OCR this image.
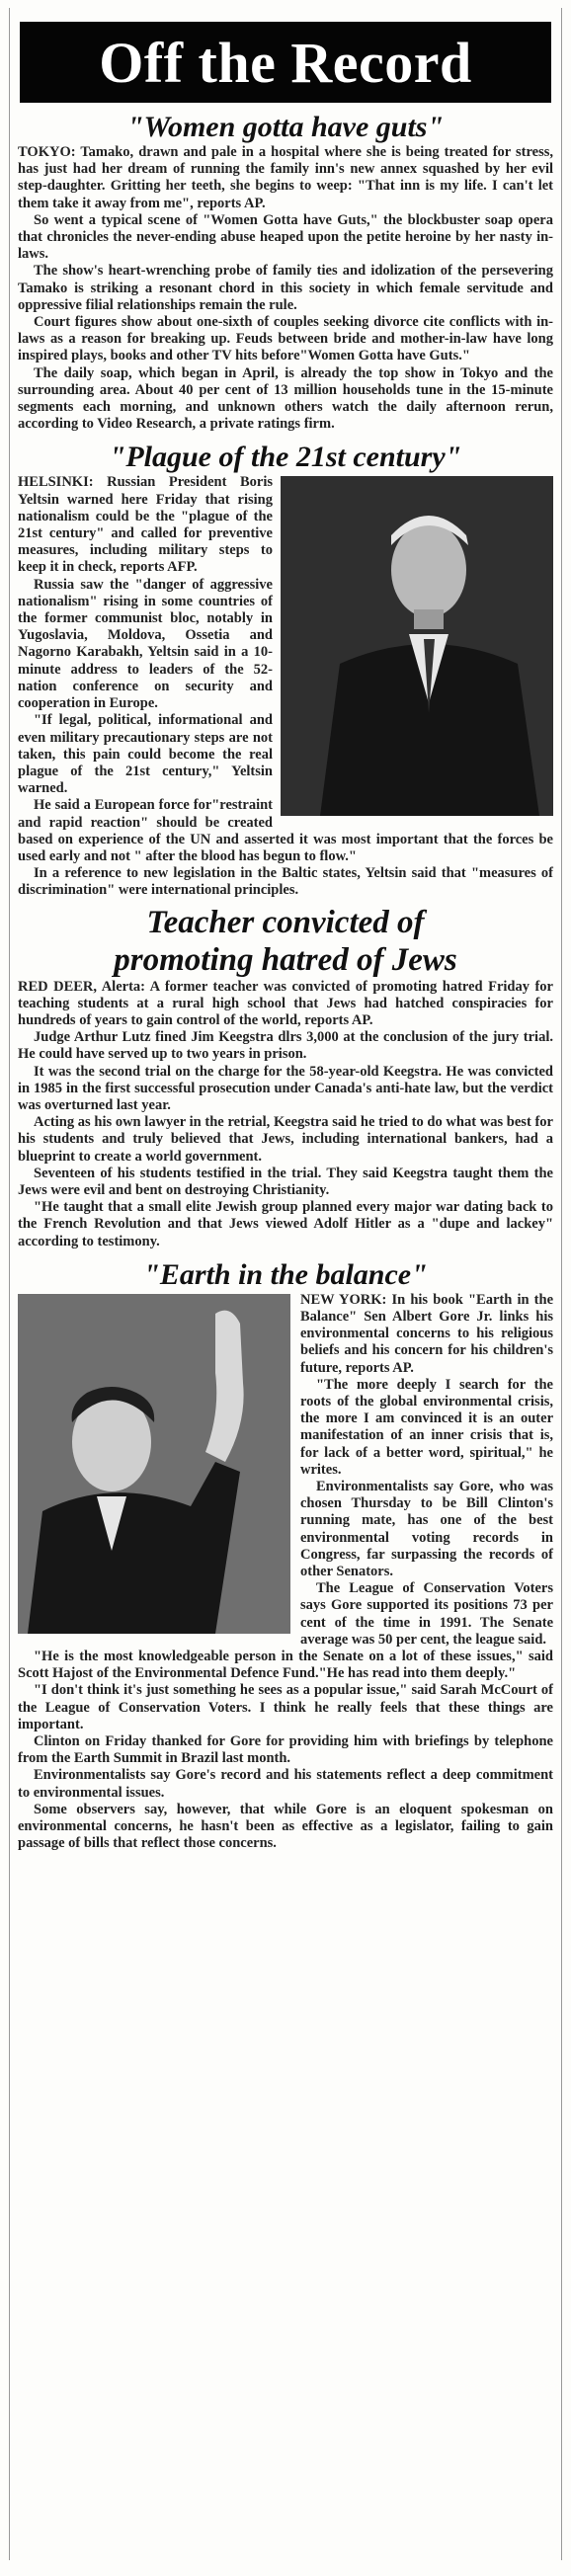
Off the Record
"Women gotta have guts"

TOKYO: Tamako, drawn and pale in a hospital where she is being treated for stress, has just had her dream of running the family inn's new annex squashed by her evil step-daughter. Gritting her teeth, she begins to weep: "That inn is my life. I can't let them take it away from me", reports AP.

So went a typical scene of "Women Gotta have Guts," the blockbuster soap opera that chronicles the never-ending abuse heaped upon the petite heroine by her nasty in-laws.

The show's heart-wrenching probe of family ties and idolization of the persevering Tamako is striking a resonant chord in this society in which female servitude and oppressive filial relationships remain the rule.

Court figures show about one-sixth of couples seeking divorce cite conflicts with in-laws as a reason for breaking up. Feuds between bride and mother-in-law have long inspired plays, books and other TV hits before"Women Gotta have Guts."

The daily soap, which began in April, is already the top show in Tokyo and the surrounding area. About 40 per cent of 13 million households tune in the 15-minute segments each morning, and unknown others watch the daily afternoon rerun, according to Video Research, a private ratings firm.

"Plague of the 21st century"

HELSINKI: Russian President Boris Yeltsin warned here Friday that rising nationalism could be the "plague of the 21st century" and called for preventive measures, including military steps to keep it in check, reports AFP.

Russia saw the "danger of aggressive nationalism" rising in some countries of the former communist bloc, notably in Yugoslavia, Moldova, Ossetia and Nagorno Karabakh, Yeltsin said in a 10-minute address to leaders of the 52-nation conference on security and cooperation in Europe.

"If legal, political, informational and even military precautionary steps are not taken, this pain could become the real plague of the 21st century," Yeltsin warned.

He said a European force for"restraint and rapid reaction" should be created based on experience of the UN and asserted it was most important that the forces be used early and not " after the blood has begun to flow."

In a reference to new legislation in the Baltic states, Yeltsin said that "measures of discrimination" were international principles.

Teacher convicted of
promoting hatred of Jews

RED DEER, Alerta: A former teacher was convicted of promoting hatred Friday for teaching students at a rural high school that Jews had hatched conspiracies for hundreds of years to gain control of the world, reports AP.

Judge Arthur Lutz fined Jim Keegstra dlrs 3,000 at the conclusion of the jury trial. He could have served up to two years in prison.

It was the second trial on the charge for the 58-year-old Keegstra. He was convicted in 1985 in the first successful prosecution under Canada's anti-hate law, but the verdict was overturned last year.

Acting as his own lawyer in the retrial, Keegstra said he tried to do what was best for his students and truly believed that Jews, including international bankers, had a blueprint to create a world government.

Seventeen of his students testified in the trial. They said Keegstra taught them the Jews were evil and bent on destroying Christianity.

"He taught that a small elite Jewish group planned every major war dating back to the French Revolution and that Jews viewed Adolf Hitler as a "dupe and lackey" according to testimony.

"Earth in the balance"

NEW YORK: In his book "Earth in the Balance" Sen Albert Gore Jr. links his environmental concerns to his religious beliefs and his concern for his children's future, reports AP.

"The more deeply I search for the roots of the global environmental crisis, the more I am convinced it is an outer manifestation of an inner crisis that is, for lack of a better word, spiritual," he writes.

Environmentalists say Gore, who was chosen Thursday to be Bill Clinton's running mate, has one of the best environmental voting records in Congress, far surpassing the records of other Senators.

The League of Conservation Voters says Gore supported its positions 73 per cent of the time in 1991. The Senate average was 50 per cent, the league said.

"He is the most knowledgeable person in the Senate on a lot of these issues," said Scott Hajost of the Environmental Defence Fund."He has read into them deeply."

"I don't think it's just something he sees as a popular issue," said Sarah McCourt of the League of Conservation Voters. I think he really feels that these things are important.

Clinton on Friday thanked for Gore for providing him with briefings by telephone from the Earth Summit in Brazil last month.

Environmentalists say Gore's record and his statements reflect a deep commitment to environmental issues.

Some observers say, however, that while Gore is an eloquent spokesman on environmental concerns, he hasn't been as effective as a legislator, failing to gain passage of bills that reflect those concerns.
